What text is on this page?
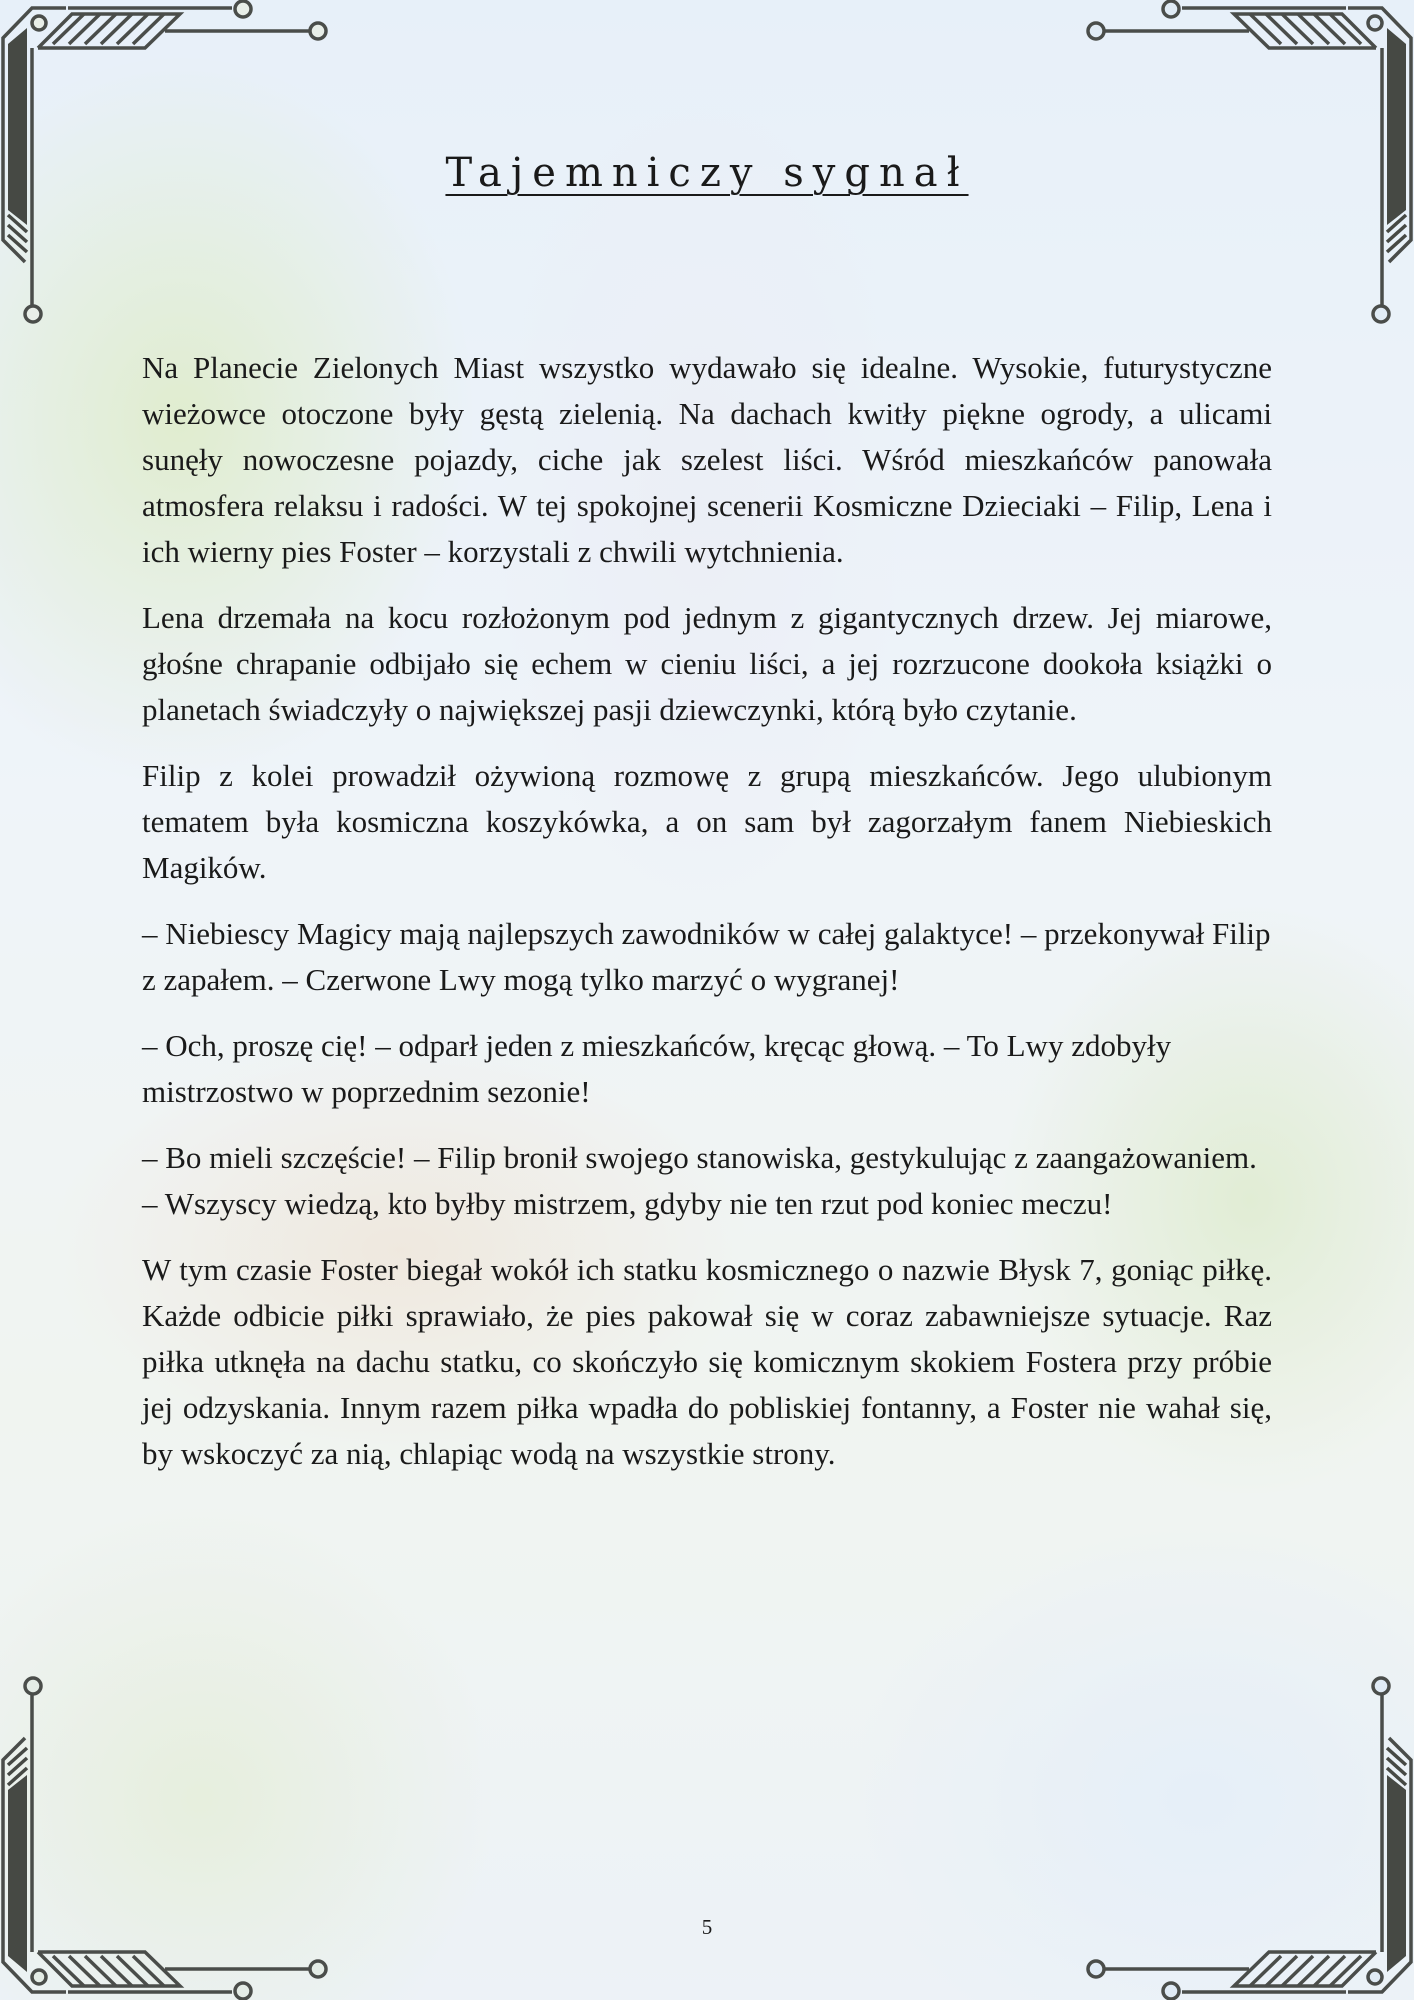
Tajemniczy sygnał

Na Planecie Zielonych Miast wszystko wydawało się idealne. Wysokie, futurystyczne wieżowce otoczone były gęstą zielenią. Na dachach kwitły piękne ogrody, a ulicami sunęły nowoczesne pojazdy, ciche jak szelest liści. Wśród mieszkańców panowała atmosfera relaksu i radości. W tej spokojnej scenerii Kosmiczne Dzieciaki – Filip, Lena i ich wierny pies Foster – korzystali z chwili wytchnienia.

Lena drzemała na kocu rozłożonym pod jednym z gigantycznych drzew. Jej miarowe, głośne chrapanie odbijało się echem w cieniu liści, a jej rozrzucone dookoła książki o planetach świadczyły o największej pasji dziewczynki, którą było czytanie.

Filip z kolei prowadził ożywioną rozmowę z grupą mieszkańców. Jego ulubionym tematem była kosmiczna koszykówka, a on sam był zagorzałym fanem Niebieskich Magików.

– Niebiescy Magicy mają najlepszych zawodników w całej galaktyce! – przekonywał Filip z zapałem. – Czerwone Lwy mogą tylko marzyć o wygranej!

– Och, proszę cię! – odparł jeden z mieszkańców, kręcąc głową. – To Lwy zdobyły mistrzostwo w poprzednim sezonie!

– Bo mieli szczęście! – Filip bronił swojego stanowiska, gestykulując z zaangażowaniem. – Wszyscy wiedzą, kto byłby mistrzem, gdyby nie ten rzut pod koniec meczu!

W tym czasie Foster biegał wokół ich statku kosmicznego o nazwie Błysk 7, goniąc piłkę. Każde odbicie piłki sprawiało, że pies pakował się w coraz zabawniejsze sytuacje. Raz piłka utknęła na dachu statku, co skończyło się komicznym skokiem Fostera przy próbie jej odzyskania. Innym razem piłka wpadła do pobliskiej fontanny, a Foster nie wahał się, by wskoczyć za nią, chlapiąc wodą na wszystkie strony.

5
